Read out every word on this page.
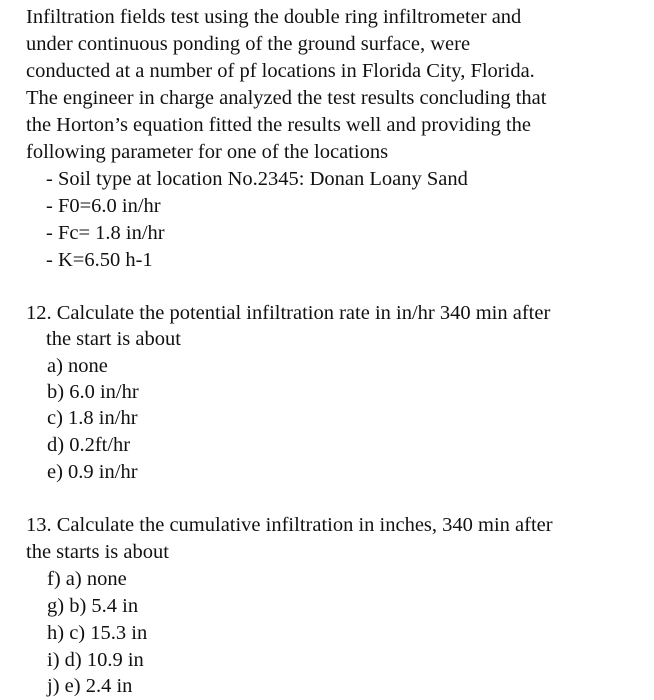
Infiltration fields test using the double ring infiltrometer and
under continuous ponding of the ground surface, were
conducted at a number of pf locations in Florida City, Florida.
The engineer in charge analyzed the test results concluding that
the Horton’s equation fitted the results well and providing the
following parameter for one of the locations
- Soil type at location No.2345: Donan Loany Sand
- F0=6.0 in/hr
- Fc= 1.8 in/hr
- K=6.50 h-1
12. Calculate the potential infiltration rate in in/hr 340 min after
the start is about
a) none
b) 6.0 in/hr
c) 1.8 in/hr
d) 0.2ft/hr
e) 0.9 in/hr
13. Calculate the cumulative infiltration in inches, 340 min after
the starts is about
f) a) none
g) b) 5.4 in
h) c) 15.3 in
i) d) 10.9 in
j) e) 2.4 in
